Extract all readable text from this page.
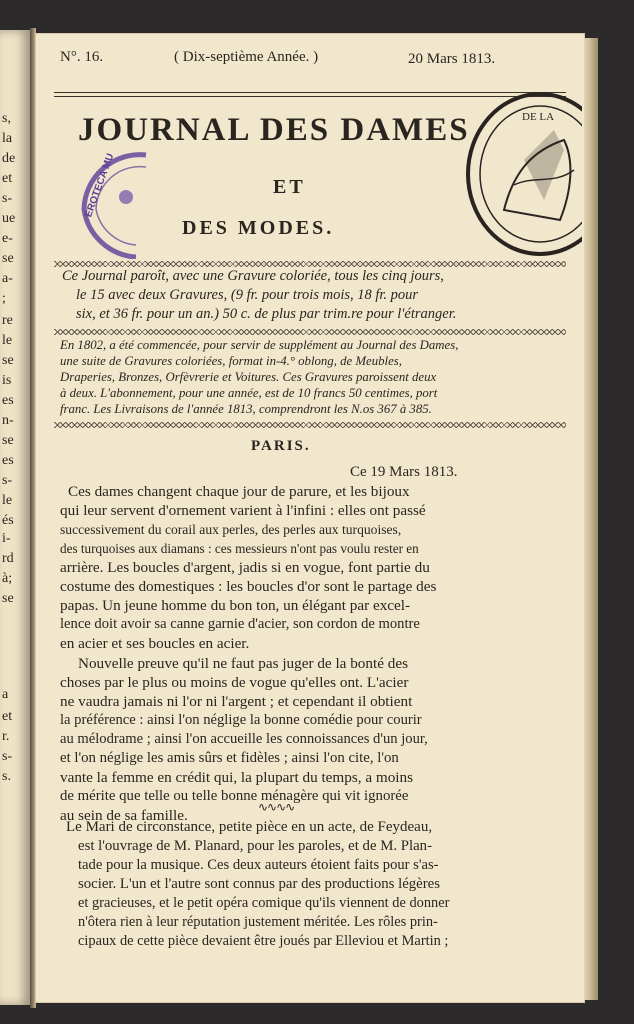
s,
la
de
et
s-
ue
e-
se
a-
;
re
le
se
is
es
n-
se
es
s-
le
és
i-
rd
à;
se
a
et
r.
s-
s.
N°. 16.	( Dix-septième Année. )	20 Mars 1813.
JOURNAL DES DAMES
ET
DES MODES.
EROTECA MU
DE LA
Ce Journal paroît, avec une Gravure coloriée, tous les cinq jours,
le 15 avec deux Gravures, (9 fr. pour trois mois, 18 fr. pour
six, et 36 fr. pour un an.) 50 c. de plus par trim.re pour l'étranger.
En 1802, a été commencée, pour servir de supplément au Journal des Dames,
une suite de Gravures coloriées, format in-4.° oblong, de Meubles,
Draperies, Bronzes, Orfèvrerie et Voitures. Ces Gravures paroissent deux
à deux. L'abonnement, pour une année, est de 10 francs 50 centimes, port
franc. Les Livraisons de l'année 1813, comprendront les N.os 367 à 385.
PARIS.
Ce 19 Mars 1813.
Ces dames changent chaque jour de parure, et les bijoux
qui leur servent d'ornement varient à l'infini : elles ont passé
successivement du corail aux perles, des perles aux turquoises,
des turquoises aux diamans : ces messieurs n'ont pas voulu rester en
arrière. Les boucles d'argent, jadis si en vogue, font partie du
costume des domestiques : les boucles d'or sont le partage des
papas. Un jeune homme du bon ton, un élégant par excel-
lence doit avoir sa canne garnie d'acier, son cordon de montre
en acier et ses boucles en acier.
Nouvelle preuve qu'il ne faut pas juger de la bonté des
choses par le plus ou moins de vogue qu'elles ont. L'acier
ne vaudra jamais ni l'or ni l'argent ; et cependant il obtient
la préférence : ainsi l'on néglige la bonne comédie pour courir
au mélodrame ; ainsi l'on accueille les connoissances d'un jour,
et l'on néglige les amis sûrs et fidèles ; ainsi l'on cite, l'on
vante la femme en crédit qui, la plupart du temps, a moins
de mérite que telle ou telle bonne ménagère qui vit ignorée
au sein de sa famille.	∿∿∿∿
Le Mari de circonstance, petite pièce en un acte, de Feydeau,
est l'ouvrage de M. Planard, pour les paroles, et de M. Plan-
tade pour la musique. Ces deux auteurs étoient faits pour s'as-
socier. L'un et l'autre sont connus par des productions légères
et gracieuses, et le petit opéra comique qu'ils viennent de donner
n'ôtera rien à leur réputation justement méritée. Les rôles prin-
cipaux de cette pièce devaient être joués par Elleviou et Martin ;
